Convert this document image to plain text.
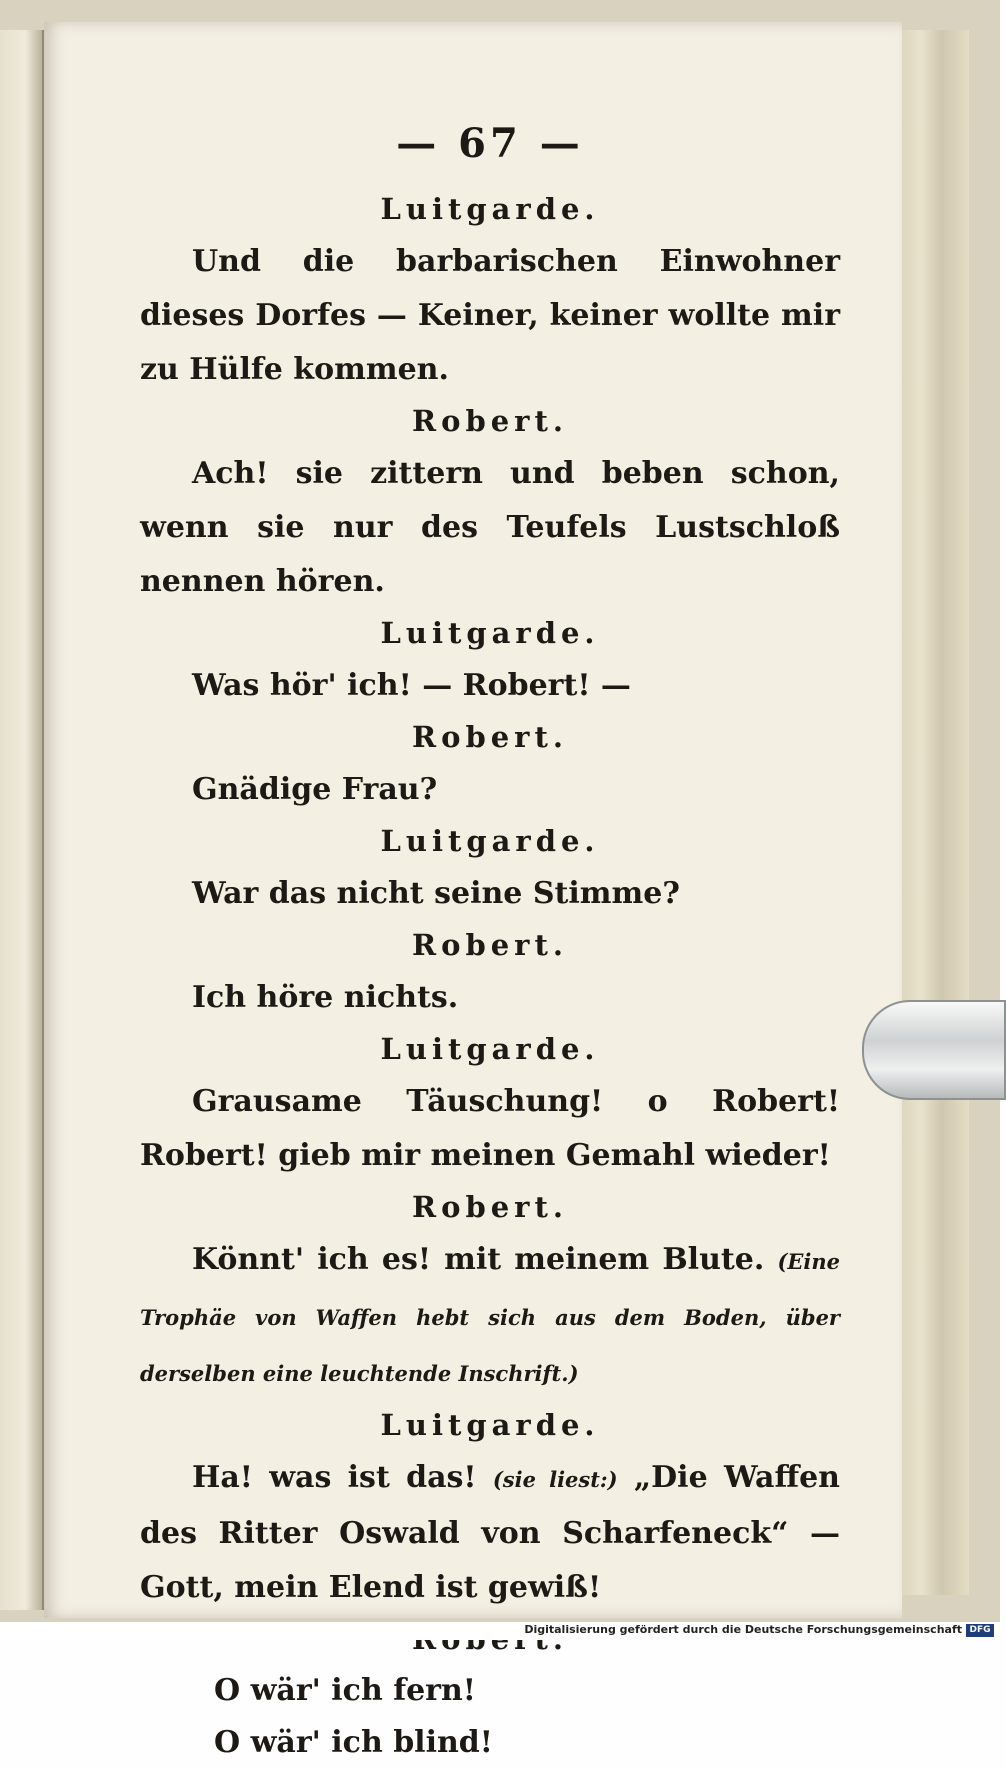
— 67 —
Luitgarde.

Und die barbarischen Einwohner dieses Dorfes — Keiner, keiner wollte mir zu Hülfe kommen.

Robert.

Ach! sie zittern und beben schon, wenn sie nur des Teufels Lustschloß nennen hören.

Luitgarde.

Was hör' ich! — Robert! —

Robert.

Gnädige Frau?

Luitgarde.

War das nicht seine Stimme?

Robert.

Ich höre nichts.

Luitgarde.

Grausame Täuschung! o Robert! Robert! gieb mir meinen Gemahl wieder!

Robert.

Könnt' ich es! mit meinem Blute. (Eine Trophäe von Waffen hebt sich aus dem Boden, über derselben eine leuchtende Inschrift.)

Luitgarde.

Ha! was ist das! (sie liest:) „Die Waffen des Ritter Oswald von Scharfeneck“ — Gott, mein Elend ist gewiß!

O wär' ich fern!

O wär' ich blind!

Digitalisierung gefördert durch die Deutsche Forschungsgemeinschaft DFG
